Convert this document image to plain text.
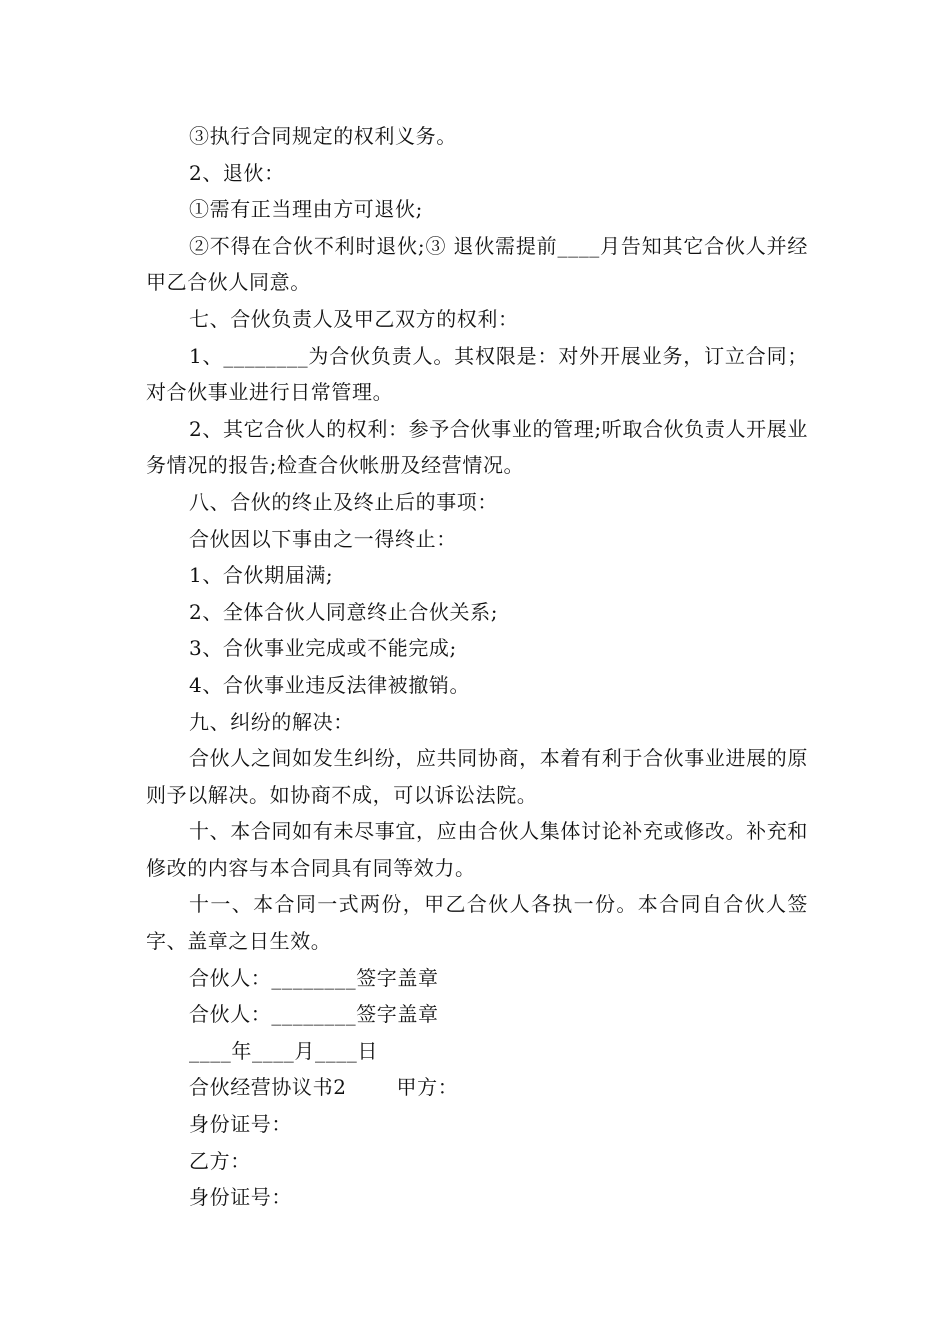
③执行合同规定的权利义务。

2、退伙：

①需有正当理由方可退伙;

②不得在合伙不利时退伙;③ 退伙需提前____月告知其它合伙人并经甲乙合伙人同意。

七、合伙负责人及甲乙双方的权利：

1、________为合伙负责人。其权限是：对外开展业务，订立合同；对合伙事业进行日常管理。

2、其它合伙人的权利：参予合伙事业的管理;听取合伙负责人开展业务情况的报告;检查合伙帐册及经营情况。

八、合伙的终止及终止后的事项：

合伙因以下事由之一得终止：

1、合伙期届满;

2、全体合伙人同意终止合伙关系;

3、合伙事业完成或不能完成;

4、合伙事业违反法律被撤销。

九、纠纷的解决：

合伙人之间如发生纠纷，应共同协商，本着有利于合伙事业进展的原则予以解决。如协商不成，可以诉讼法院。

十、本合同如有未尽事宜，应由合伙人集体讨论补充或修改。补充和修改的内容与本合同具有同等效力。

十一、本合同一式两份，甲乙合伙人各执一份。本合同自合伙人签字、盖章之日生效。

合伙人：________签字盖章

合伙人：________签字盖章

____年____月____日

合伙经营协议书2	甲方：

身份证号：

乙方：

身份证号：
